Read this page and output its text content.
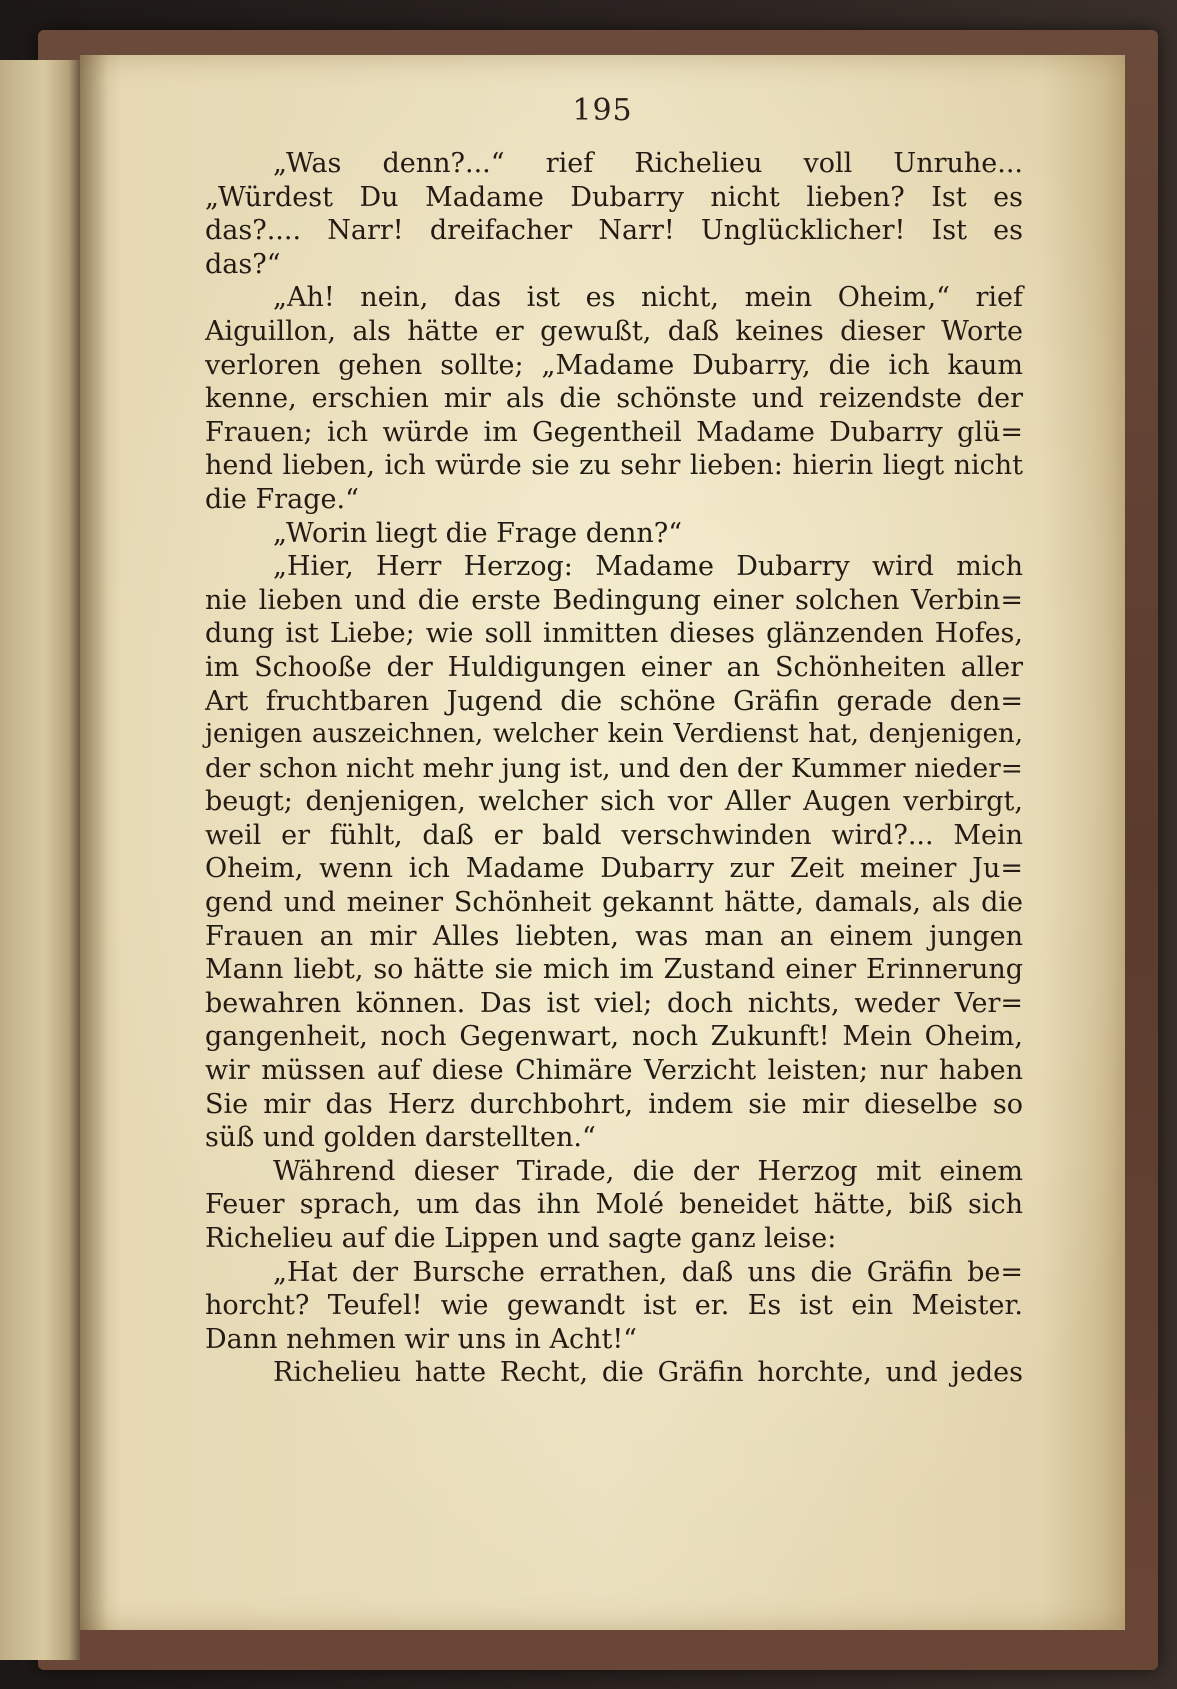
195
„Was denn?...“ rief Richelieu voll Unruhe...
„Würdest Du Madame Dubarry nicht lieben? Ist es
das?.... Narr! dreifacher Narr! Unglücklicher! Ist es
das?“
„Ah! nein, das ist es nicht, mein Oheim,“ rief
Aiguillon, als hätte er gewußt, daß keines dieser Worte
verloren gehen sollte; „Madame Dubarry, die ich kaum
kenne, erschien mir als die schönste und reizendste der
Frauen; ich würde im Gegentheil Madame Dubarry glü=
hend lieben, ich würde sie zu sehr lieben: hierin liegt nicht
die Frage.“
„Worin liegt die Frage denn?“
„Hier, Herr Herzog: Madame Dubarry wird mich
nie lieben und die erste Bedingung einer solchen Verbin=
dung ist Liebe; wie soll inmitten dieses glänzenden Hofes,
im Schooße der Huldigungen einer an Schönheiten aller
Art fruchtbaren Jugend die schöne Gräfin gerade den=
jenigen auszeichnen, welcher kein Verdienst hat, denjenigen,
der schon nicht mehr jung ist, und den der Kummer nieder=
beugt; denjenigen, welcher sich vor Aller Augen verbirgt,
weil er fühlt, daß er bald verschwinden wird?... Mein
Oheim, wenn ich Madame Dubarry zur Zeit meiner Ju=
gend und meiner Schönheit gekannt hätte, damals, als die
Frauen an mir Alles liebten, was man an einem jungen
Mann liebt, so hätte sie mich im Zustand einer Erinnerung
bewahren können. Das ist viel; doch nichts, weder Ver=
gangenheit, noch Gegenwart, noch Zukunft! Mein Oheim,
wir müssen auf diese Chimäre Verzicht leisten; nur haben
Sie mir das Herz durchbohrt, indem sie mir dieselbe so
süß und golden darstellten.“
Während dieser Tirade, die der Herzog mit einem
Feuer sprach, um das ihn Molé beneidet hätte, biß sich
Richelieu auf die Lippen und sagte ganz leise:
„Hat der Bursche errathen, daß uns die Gräfin be=
horcht? Teufel! wie gewandt ist er. Es ist ein Meister.
Dann nehmen wir uns in Acht!“
Richelieu hatte Recht, die Gräfin horchte, und jedes
